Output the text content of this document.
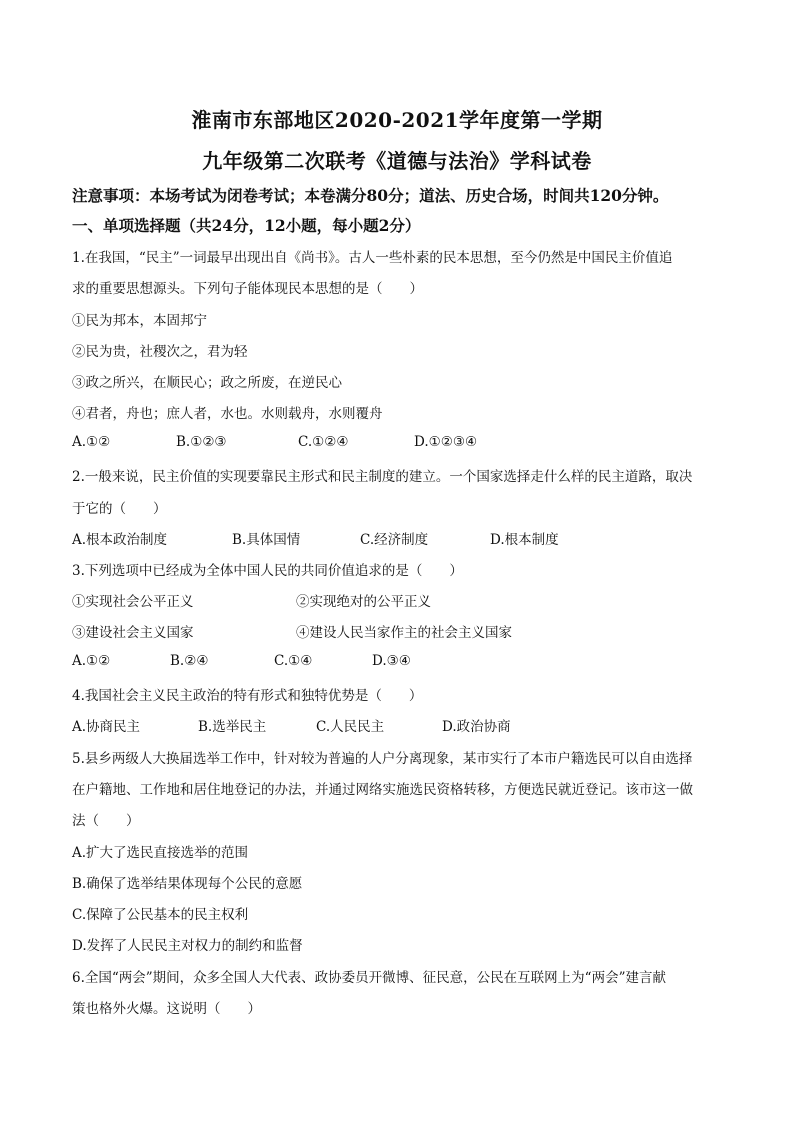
淮南市东部地区2020-2021学年度第一学期
九年级第二次联考《道德与法治》学科试卷
注意事项：本场考试为闭卷考试；本卷满分80分；道法、历史合场，时间共120分钟。
一、单项选择题（共24分，12小题，每小题2分）
1.在我国，“民主”一词最早出现出自《尚书》。古人一些朴素的民本思想，至今仍然是中国民主价值追
求的重要思想源头。下列句子能体现民本思想的是（　　）
①民为邦本，本固邦宁
②民为贵，社稷次之，君为轻
③政之所兴，在顺民心；政之所废，在逆民心
④君者，舟也；庶人者，水也。水则载舟，水则覆舟
A.①②	B.①②③	C.①②④	D.①②③④
2.一般来说，民主价值的实现要靠民主形式和民主制度的建立。一个国家选择走什么样的民主道路，取决
于它的（　　）
A.根本政治制度	B.具体国情	C.经济制度	D.根本制度
3.下列选项中已经成为全体中国人民的共同价值追求的是（　　）
①实现社会公平正义	②实现绝对的公平正义
③建设社会主义国家	④建设人民当家作主的社会主义国家
A.①②	B.②④	C.①④	D.③④
4.我国社会主义民主政治的特有形式和独特优势是（　　）
A.协商民主	B.选举民主	C.人民民主	D.政治协商
5.县乡两级人大换届选举工作中，针对较为普遍的人户分离现象，某市实行了本市户籍选民可以自由选择
在户籍地、工作地和居住地登记的办法，并通过网络实施选民资格转移，方便选民就近登记。该市这一做
法（　　）
A.扩大了选民直接选举的范围
B.确保了选举结果体现每个公民的意愿
C.保障了公民基本的民主权利
D.发挥了人民民主对权力的制约和监督
6.全国“两会”期间，众多全国人大代表、政协委员开微博、征民意，公民在互联网上为“两会”建言献
策也格外火爆。这说明（　　）
